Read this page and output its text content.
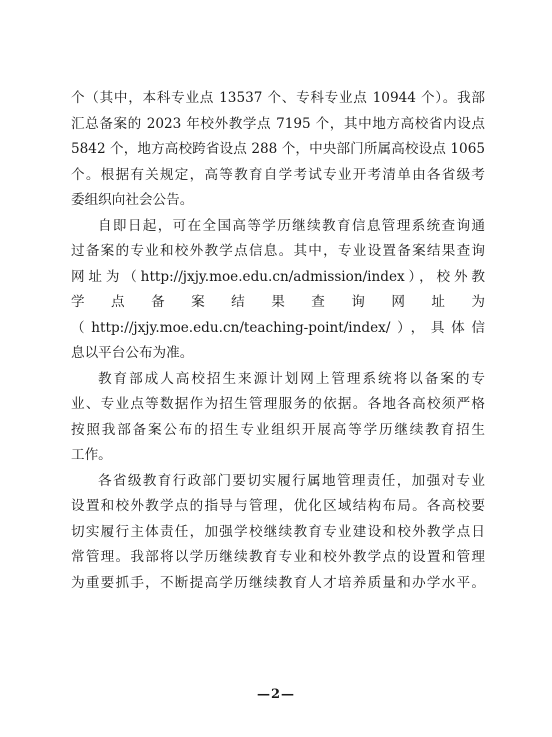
个（其中，本科专业点 13537 个、专科专业点 10944 个）。我部
汇总备案的 2023 年校外教学点 7195 个，其中地方高校省内设点
5842 个，地方高校跨省设点 288 个，中央部门所属高校设点 1065
个。根据有关规定，高等教育自学考试专业开考清单由各省级考
委组织向社会公告。
自即日起，可在全国高等学历继续教育信息管理系统查询通
过备案的专业和校外教学点信息。其中，专业设置备案结果查询
网址为（http://jxjy.moe.edu.cn/admission/index），校外教
学 点 备 案 结 果 查 询 网 址 为
（http://jxjy.moe.edu.cn/teaching-point/index/），具体信
息以平台公布为准。
教育部成人高校招生来源计划网上管理系统将以备案的专
业、专业点等数据作为招生管理服务的依据。各地各高校须严格
按照我部备案公布的招生专业组织开展高等学历继续教育招生
工作。
各省级教育行政部门要切实履行属地管理责任，加强对专业
设置和校外教学点的指导与管理，优化区域结构布局。各高校要
切实履行主体责任，加强学校继续教育专业建设和校外教学点日
常管理。我部将以学历继续教育专业和校外教学点的设置和管理
为重要抓手，不断提高学历继续教育人才培养质量和办学水平。
—2—
